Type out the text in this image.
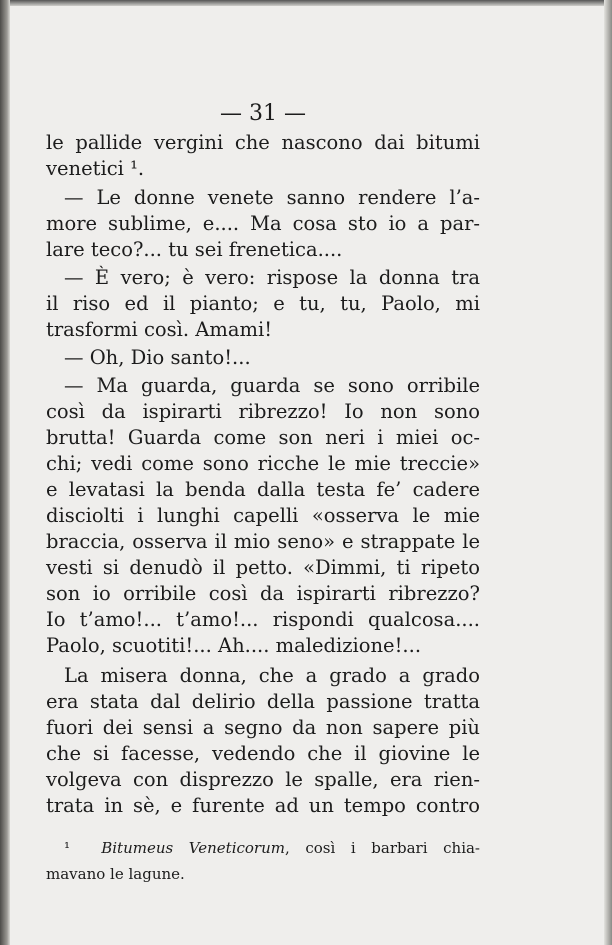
— 31 —
le pallide vergini che nascono dai bitumi
venetici ¹.
— Le donne venete sanno rendere l’a-
more sublime, e.... Ma cosa sto io a par-
lare teco?... tu sei frenetica....
— È vero; è vero: rispose la donna tra
il riso ed il pianto; e tu, tu, Paolo, mi
trasformi così. Amami!
— Oh, Dio santo!...
— Ma guarda, guarda se sono orribile
così da ispirarti ribrezzo! Io non sono
brutta! Guarda come son neri i miei oc-
chi; vedi come sono ricche le mie treccie»
e levatasi la benda dalla testa fe’ cadere
disciolti i lunghi capelli «osserva le mie
braccia, osserva il mio seno» e strappate le
vesti si denudò il petto. «Dimmi, ti ripeto
son io orribile così da ispirarti ribrezzo?
Io t’amo!... t’amo!... rispondi qualcosa....
Paolo, scuotiti!... Ah.... maledizione!...
La misera donna, che a grado a grado
era stata dal delirio della passione tratta
fuori dei sensi a segno da non sapere più
che si facesse, vedendo che il giovine le
volgeva con disprezzo le spalle, era rien-
trata in sè, e furente ad un tempo contro
¹ Bitumeus Veneticorum, così i barbari chia-
mavano le lagune.
